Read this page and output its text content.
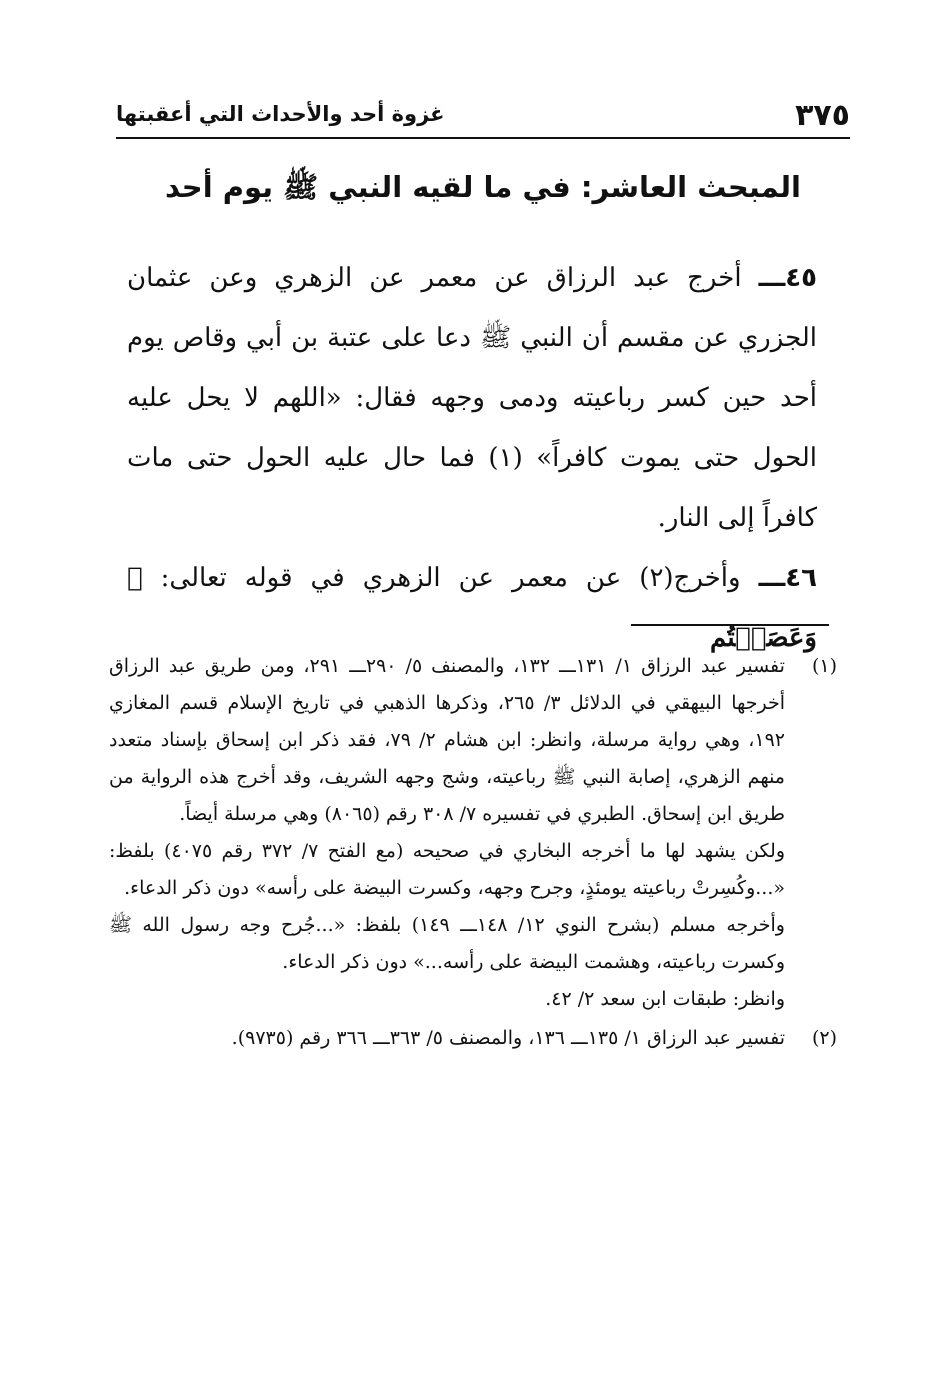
٣٧٥
غزوة أحد والأحداث التي أعقبتها
المبحث العاشر: في ما لقيه النبي ﷺ يوم أحد

٤٥ـــ أخرج عبد الرزاق عن معمر عن الزهري وعن عثمان الجزري عن مقسم أن النبي ﷺ دعا على عتبة بن أبي وقاص يوم أحد حين كسر رباعيته ودمى وجهه فقال: «اللهم لا يحل عليه الحول حتى يموت كافراً» (١) فما حال عليه الحول حتى مات كافراً إلى النار.

٤٦ـــ وأخرج(٢) عن معمر عن الزهري في قوله تعالى: ﴿ وَعَصَيۡتُم

(١)

تفسير عبد الرزاق ١/ ١٣١ـــ ١٣٢، والمصنف ٥/ ٢٩٠ـــ ٢٩١، ومن طريق عبد الرزاق أخرجها البيهقي في الدلائل ٣/ ٢٦٥، وذكرها الذهبي في تاريخ الإسلام قسم المغازي ١٩٢، وهي رواية مرسلة، وانظر: ابن هشام ٢/ ٧٩، فقد ذكر ابن إسحاق بإسناد متعدد منهم الزهري، إصابة النبي ﷺ رباعيته، وشج وجهه الشريف، وقد أخرج هذه الرواية من طريق ابن إسحاق. الطبري في تفسيره ٧/ ٣٠٨ رقم (٨٠٦٥) وهي مرسلة أيضاً.

ولكن يشهد لها ما أخرجه البخاري في صحيحه (مع الفتح ٧/ ٣٧٢ رقم ٤٠٧٥) بلفظ: «...وكُسِرتْ رباعيته يومئذٍ، وجرح وجهه، وكسرت البيضة على رأسه» دون ذكر الدعاء.

وأخرجه مسلم (بشرح النوي ١٢/ ١٤٨ـــ ١٤٩) بلفظ: «...جُرح وجه رسول الله ﷺ وكسرت رباعيته، وهشمت البيضة على رأسه...» دون ذكر الدعاء.

وانظر: طبقات ابن سعد ٢/ ٤٢.

(٢)

تفسير عبد الرزاق ١/ ١٣٥ـــ ١٣٦، والمصنف ٥/ ٣٦٣ـــ ٣٦٦ رقم (٩٧٣٥).
